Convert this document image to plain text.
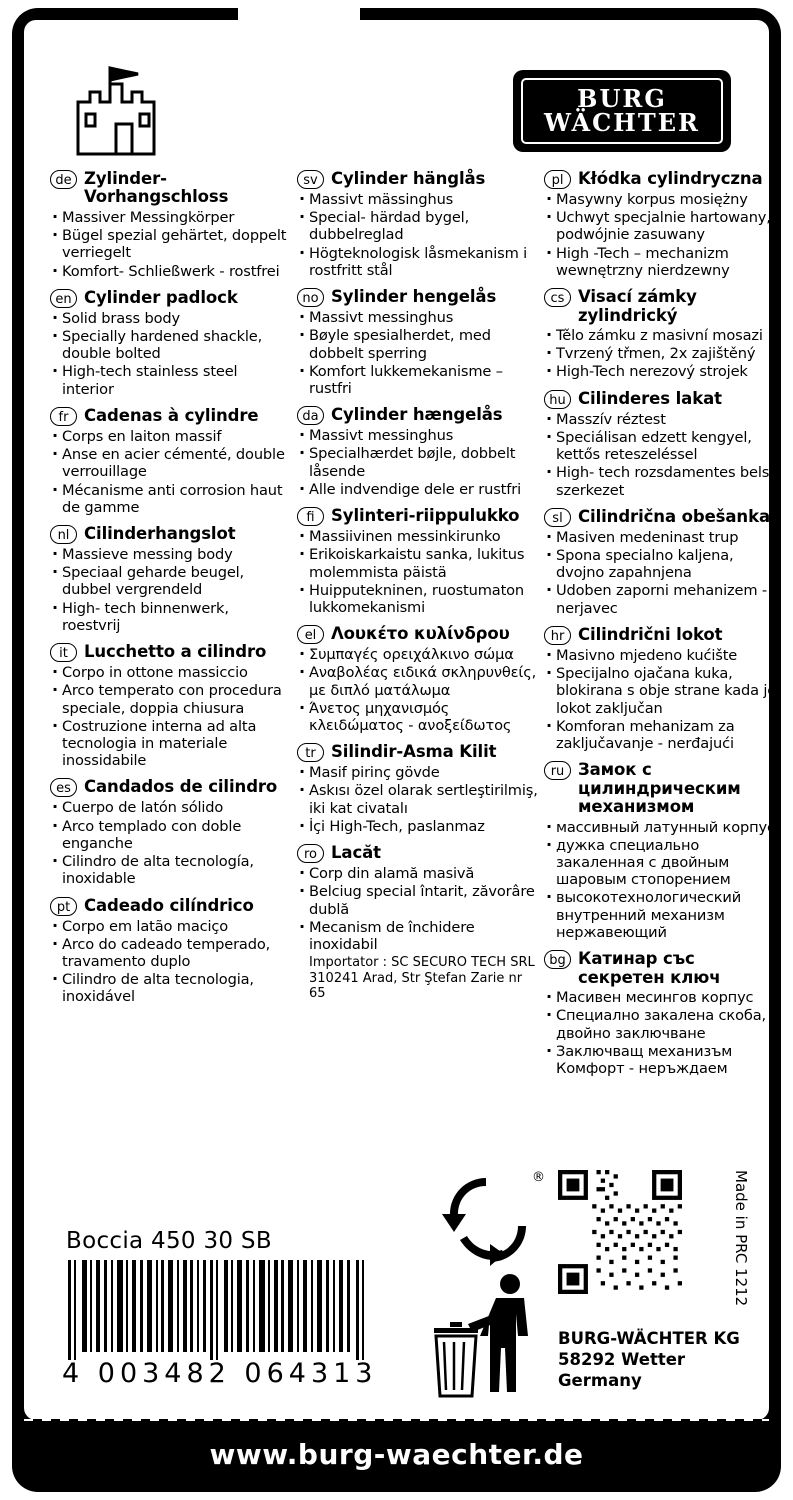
BURG
WÄCHTER
de Zylinder-Vorhangschloss
· Massiver Messingkörper
· Bügel spezial gehärtet, doppelt verriegelt
· Komfort- Schließwerk - rostfrei
en Cylinder padlock
· Solid brass body
· Specially hardened shackle, double bolted
· High-tech stainless steel interior
fr Cadenas à cylindre
· Corps en laiton massif
· Anse en acier cémenté, double verrouillage
· Mécanisme anti corrosion haut de gamme
nl Cilinderhangslot
· Massieve messing body
· Speciaal geharde beugel, dubbel vergrendeld
· High- tech binnenwerk, roestvrij
it Lucchetto a cilindro
· Corpo in ottone massiccio
· Arco temperato con procedura speciale, doppia chiusura
· Costruzione interna ad alta tecnologia in materiale inossidabile
es Candados de cilindro
· Cuerpo de latón sólido
· Arco templado con doble enganche
· Cilindro de alta tecnología, inoxidable
pt Cadeado cilíndrico
· Corpo em latão maciço
· Arco do cadeado temperado, travamento duplo
· Cilindro de alta tecnologia, inoxidável
sv Cylinder hänglås
· Massivt mässinghus
· Special- härdad bygel, dubbelreglad
· Högteknologisk låsmekanism i rostfritt stål
no Sylinder hengelås
· Massivt messinghus
· Bøyle spesialherdet, med dobbelt sperring
· Komfort lukkemekanisme – rustfri
da Cylinder hængelås
· Massivt messinghus
· Specialhærdet bøjle, dobbelt låsende
· Alle indvendige dele er rustfri
fi Sylinteri-riippulukko
· Massiivinen messinkirunko
· Erikoiskarkaistu sanka, lukitus molemmista päistä
· Huipputekninen, ruostumaton lukkomekanismi
el Λουκέτο κυλίνδρου
· Συμπαγές ορειχάλκινο σώμα
· Αναβολέας ειδικά σκληρυνθείς, με διπλό ματάλωμα
· Άνετος μηχανισμός κλειδώματος - ανοξείδωτος
tr Silindir-Asma Kilit
· Masif pirinç gövde
· Askısı özel olarak sertleştirilmiş, iki kat civatalı
· İçi High-Tech, paslanmaz
ro Lacăt
· Corp din alamă masivă
· Belciug special întarit, zăvorâre dublă
· Mecanism de închidere inoxidabil
Importator : SC SECURO TECH SRL 310241 Arad, Str Ştefan Zarie nr 65
pl Kłódka cylindryczna
· Masywny korpus mosiężny
· Uchwyt specjalnie hartowany, podwójnie zasuwany
· High -Tech – mechanizm wewnętrzny nierdzewny
cs Visací zámky zylindrický
· Tělo zámku z masivní mosazi
· Tvrzený třmen, 2x zajištěný
· High-Tech nerezový strojek
hu Cilinderes lakat
· Masszív réztest
· Speciálisan edzett kengyel, kettős reteszeléssel
· High- tech rozsdamentes belső szerkezet
sl Cilindrična obešanka
· Masiven medeninast trup
· Spona specialno kaljena, dvojno zapahnjena
· Udoben zaporni mehanizem - nerjavec
hr Cilindrični lokot
· Masivno mjedeno kućište
· Specijalno ojačana kuka, blokirana s obje strane kada je lokot zaključan
· Komforan mehanizam za zaključavanje - nerđajući
ru Замок с цилиндрическим механизмом
· массивный латунный корпус
· дужка специально закаленная с двойным шаровым стопорением
· высокотехнологический внутренний механизм нержавеющий
bg Катинар със секретен ключ
· Масивен месингов корпус
· Специално закалена скоба, с двойно заключване
· Заключващ механизъм Комфорт - неръждаем
Boccia 450 30 SB
4 003482 064313
®
BURG-WÄCHTER KG
58292 Wetter
Germany
Made in PRC 1212
www.burg-waechter.de
